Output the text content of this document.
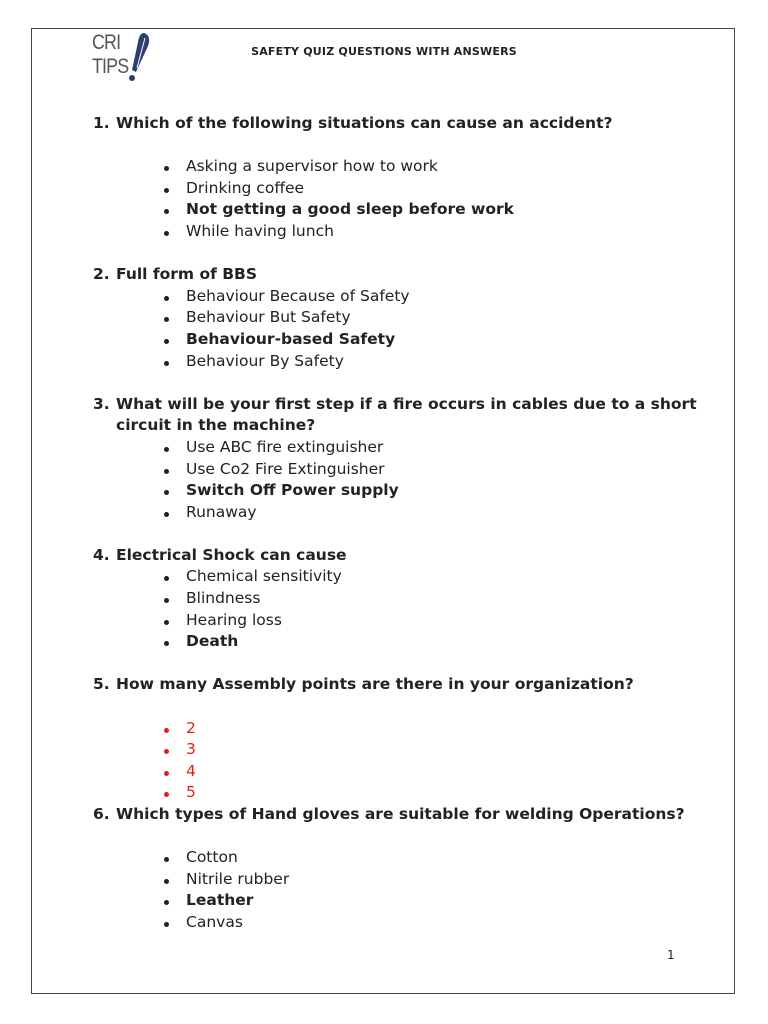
CRI
TIPS
SAFETY QUIZ QUESTIONS WITH ANSWERS
1. Which of the following situations can cause an accident?
Asking a supervisor how to work
Drinking coffee
Not getting a good sleep before work
While having lunch
2. Full form of BBS
Behaviour Because of Safety
Behaviour But Safety
Behaviour-based Safety
Behaviour By Safety
3. What will be your first step if a fire occurs in cables due to a short circuit in the machine?
Use ABC fire extinguisher
Use Co2 Fire Extinguisher
Switch Off Power supply
Runaway
4. Electrical Shock can cause
Chemical sensitivity
Blindness
Hearing loss
Death
5. How many Assembly points are there in your organization?
2
3
4
5
6. Which types of Hand gloves are suitable for welding Operations?
Cotton
Nitrile rubber
Leather
Canvas
1
